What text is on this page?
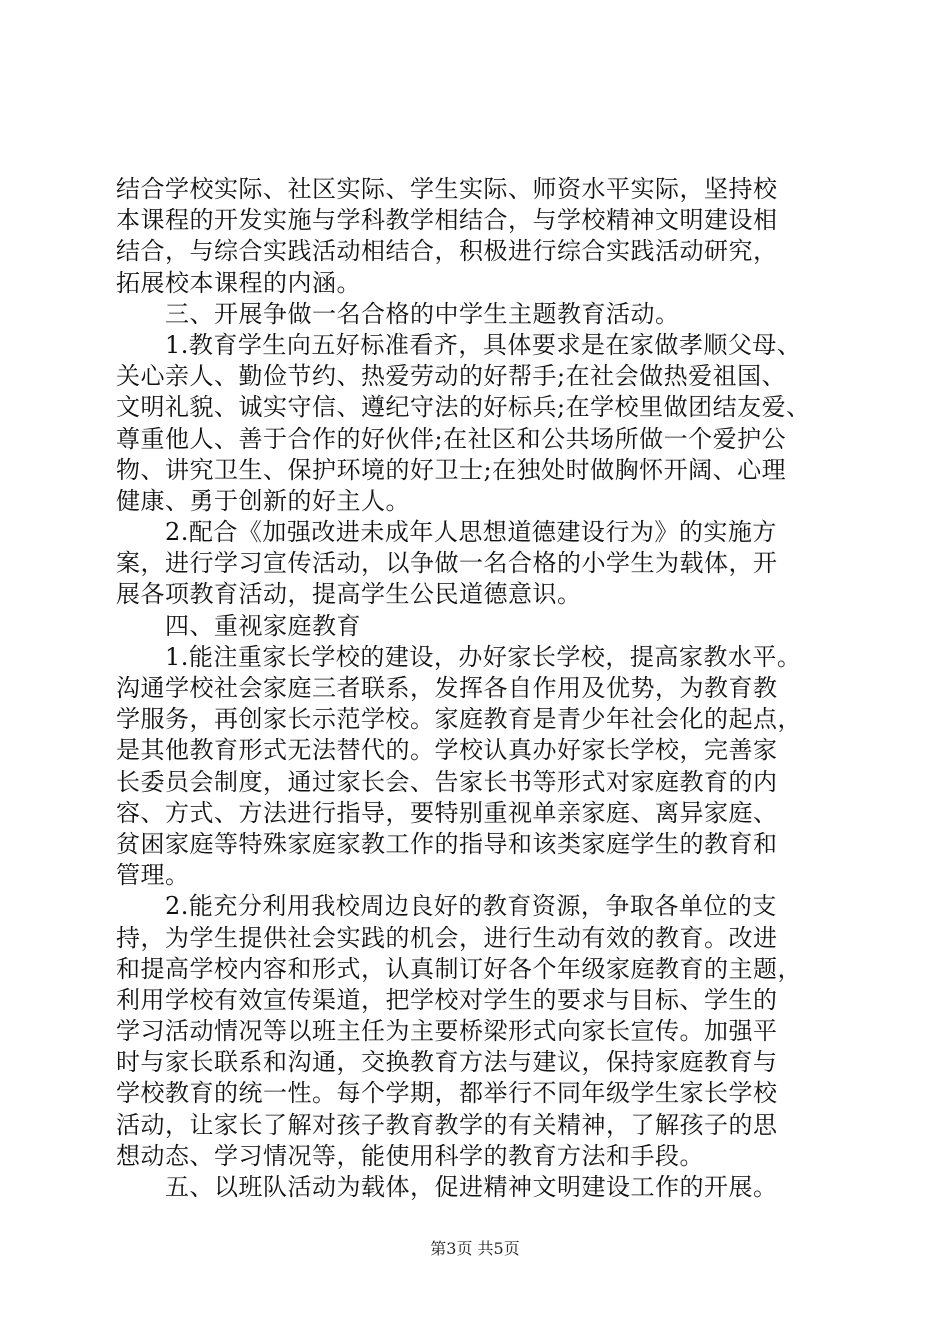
结合学校实际、社区实际、学生实际、师资水平实际，坚持校
本课程的开发实施与学科教学相结合，与学校精神文明建设相
结合，与综合实践活动相结合，积极进行综合实践活动研究，
拓展校本课程的内涵。
　　三、开展争做一名合格的中学生主题教育活动。
　　1.教育学生向五好标准看齐，具体要求是在家做孝顺父母、
关心亲人、勤俭节约、热爱劳动的好帮手;在社会做热爱祖国、
文明礼貌、诚实守信、遵纪守法的好标兵;在学校里做团结友爱、
尊重他人、善于合作的好伙伴;在社区和公共场所做一个爱护公
物、讲究卫生、保护环境的好卫士;在独处时做胸怀开阔、心理
健康、勇于创新的好主人。
　　2.配合《加强改进未成年人思想道德建设行为》的实施方
案，进行学习宣传活动，以争做一名合格的小学生为载体，开
展各项教育活动，提高学生公民道德意识。
　　四、重视家庭教育
　　1.能注重家长学校的建设，办好家长学校，提高家教水平。
沟通学校社会家庭三者联系，发挥各自作用及优势，为教育教
学服务，再创家长示范学校。家庭教育是青少年社会化的起点，
是其他教育形式无法替代的。学校认真办好家长学校，完善家
长委员会制度，通过家长会、告家长书等形式对家庭教育的内
容、方式、方法进行指导，要特别重视单亲家庭、离异家庭、
贫困家庭等特殊家庭家教工作的指导和该类家庭学生的教育和
管理。
　　2.能充分利用我校周边良好的教育资源，争取各单位的支
持，为学生提供社会实践的机会，进行生动有效的教育。改进
和提高学校内容和形式，认真制订好各个年级家庭教育的主题，
利用学校有效宣传渠道，把学校对学生的要求与目标、学生的
学习活动情况等以班主任为主要桥梁形式向家长宣传。加强平
时与家长联系和沟通，交换教育方法与建议，保持家庭教育与
学校教育的统一性。每个学期，都举行不同年级学生家长学校
活动，让家长了解对孩子教育教学的有关精神，了解孩子的思
想动态、学习情况等，能使用科学的教育方法和手段。
　　五、以班队活动为载体，促进精神文明建设工作的开展。
第3页 共5页
